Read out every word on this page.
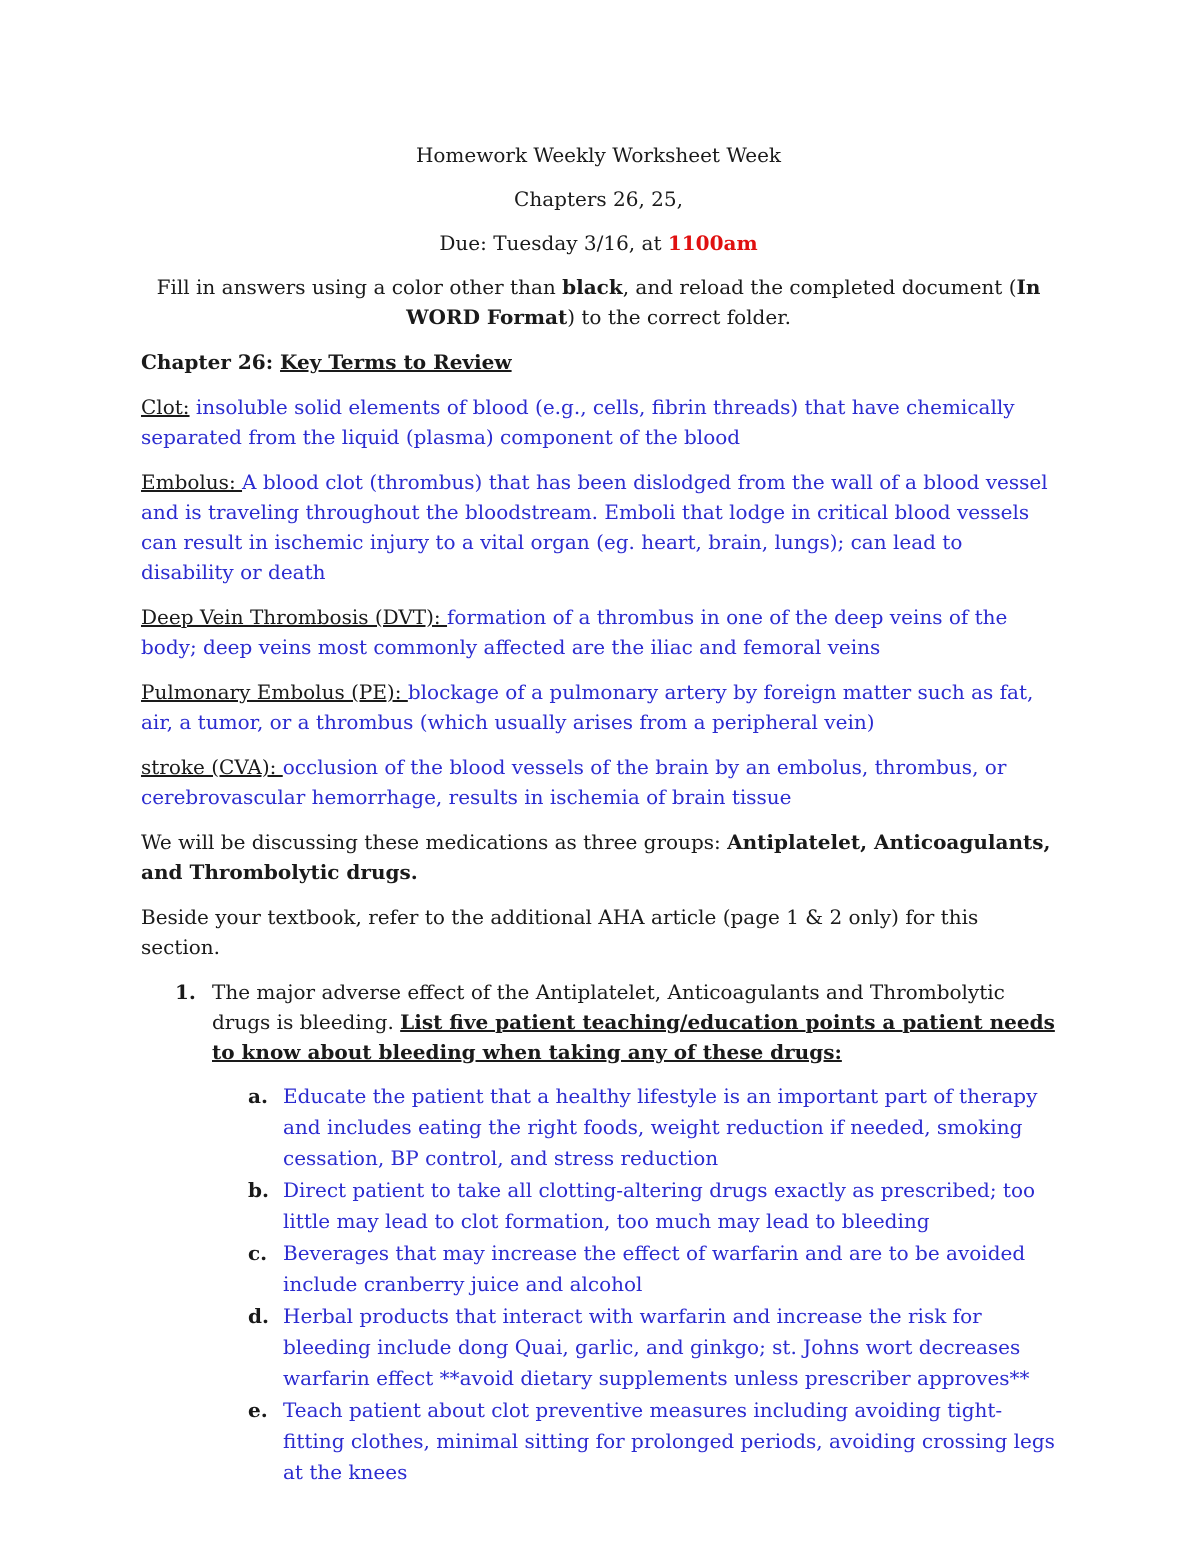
Homework Weekly Worksheet Week

Chapters 26, 25,

Due: Tuesday 3/16, at 1100am

Fill in answers using a color other than black, and reload the completed document (In WORD Format) to the correct folder.

Chapter 26: Key Terms to Review

Clot: insoluble solid elements of blood (e.g., cells, fibrin threads) that have chemically separated from the liquid (plasma) component of the blood

Embolus: A blood clot (thrombus) that has been dislodged from the wall of a blood vessel and is traveling throughout the bloodstream. Emboli that lodge in critical blood vessels can result in ischemic injury to a vital organ (eg. heart, brain, lungs); can lead to disability or death

Deep Vein Thrombosis (DVT): formation of a thrombus in one of the deep veins of the body; deep veins most commonly affected are the iliac and femoral veins

Pulmonary Embolus (PE): blockage of a pulmonary artery by foreign matter such as fat, air, a tumor, or a thrombus (which usually arises from a peripheral vein)

stroke (CVA): occlusion of the blood vessels of the brain by an embolus, thrombus, or cerebrovascular hemorrhage, results in ischemia of brain tissue

We will be discussing these medications as three groups: Antiplatelet, Anticoagulants, and Thrombolytic drugs.

Beside your textbook, refer to the additional AHA article (page 1 & 2 only) for this section.

1. The major adverse effect of the Antiplatelet, Anticoagulants and Thrombolytic drugs is bleeding. List five patient teaching/education points a patient needs to know about bleeding when taking any of these drugs:
a. Educate the patient that a healthy lifestyle is an important part of therapy and includes eating the right foods, weight reduction if needed, smoking cessation, BP control, and stress reduction
b. Direct patient to take all clotting-altering drugs exactly as prescribed; too little may lead to clot formation, too much may lead to bleeding
c. Beverages that may increase the effect of warfarin and are to be avoided include cranberry juice and alcohol
d. Herbal products that interact with warfarin and increase the risk for bleeding include dong Quai, garlic, and ginkgo; st. Johns wort decreases warfarin effect **avoid dietary supplements unless prescriber approves**
e. Teach patient about clot preventive measures including avoiding tight-fitting clothes, minimal sitting for prolonged periods, avoiding crossing legs at the knees
